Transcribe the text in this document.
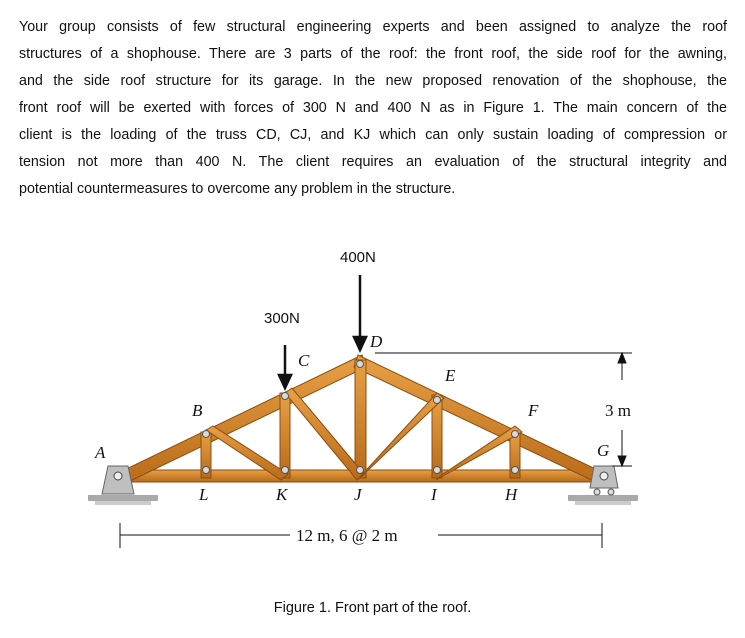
Your group consists of few structural engineering experts and been assigned to analyze the roof
structures of a shophouse. There are 3 parts of the roof: the front roof, the side roof for the awning,
and the side roof structure for its garage. In the new proposed renovation of the shophouse, the
front roof will be exerted with forces of 300 N and 400 N as in Figure 1. The main concern of the
client is the loading of the truss CD, CJ, and KJ which can only sustain loading of compression or
tension not more than 400 N. The client requires an evaluation of the structural integrity and
potential countermeasures to overcome any problem in the structure.
300N
400N
A
B
C
D
E
F
G
L	K	J	I	H
3 m
12 m, 6 @ 2 m
Figure 1. Front part of the roof.
